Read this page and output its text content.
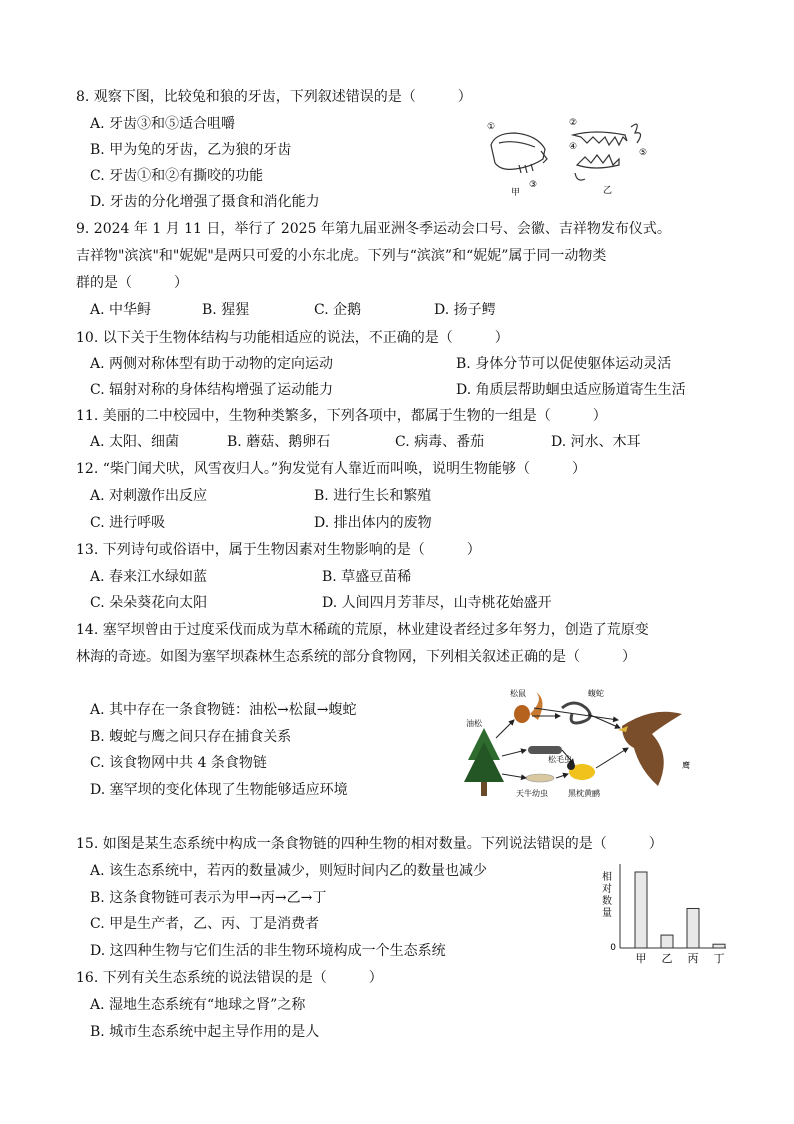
8. 观察下图，比较兔和狼的牙齿，下列叙述错误的是（　　　）
A. 牙齿③和⑤适合咀嚼
B. 甲为兔的牙齿，乙为狼的牙齿
C. 牙齿①和②有撕咬的功能
D. 牙齿的分化增强了摄食和消化能力
①	②
③
④
⑤
甲	乙
9. 2024 年 1 月 11 日，举行了 2025 年第九届亚洲冬季运动会口号、会徽、吉祥物发布仪式。
吉祥物"滨滨"和"妮妮"是两只可爱的小东北虎。下列与“滨滨”和“妮妮”属于同一动物类
群的是（　　　）
A. 中华鲟	B. 猩猩	C. 企鹅	D. 扬子鳄
10. 以下关于生物体结构与功能相适应的说法，不正确的是（　　　）
A. 两侧对称体型有助于动物的定向运动	B. 身体分节可以促使躯体运动灵活
C. 辐射对称的身体结构增强了运动能力	D. 角质层帮助蛔虫适应肠道寄生生活
11. 美丽的二中校园中，生物种类繁多，下列各项中，都属于生物的一组是（　　　）
A. 太阳、细菌	B. 蘑菇、鹅卵石	C. 病毒、番茄	D. 河水、木耳
12. “柴门闻犬吠，风雪夜归人。”狗发觉有人靠近而叫唤，说明生物能够（　　　）
A. 对刺激作出反应	B. 进行生长和繁殖
C. 进行呼吸	D. 排出体内的废物
13. 下列诗句或俗语中，属于生物因素对生物影响的是（　　　）
A. 春来江水绿如蓝	B. 草盛豆苗稀
C. 朵朵葵花向太阳	D. 人间四月芳菲尽，山寺桃花始盛开
14. 塞罕坝曾由于过度采伐而成为草木稀疏的荒原，林业建设者经过多年努力，创造了荒原变
林海的奇迹。如图为塞罕坝森林生态系统的部分食物网，下列相关叙述正确的是（　　　）
A. 其中存在一条食物链：油松→松鼠→蝮蛇
B. 蝮蛇与鹰之间只存在捕食关系
C. 该食物网中共 4 条食物链
D. 塞罕坝的变化体现了生物能够适应环境
松鼠	蝮蛇
油松
松毛虫
鹰
天牛幼虫	黑枕黄鹂
15. 如图是某生态系统中构成一条食物链的四种生物的相对数量。下列说法错误的是（　　　）
A. 该生态系统中，若丙的数量减少，则短时间内乙的数量也减少
B. 这条食物链可表示为甲→丙→乙→丁
C. 甲是生产者，乙、丙、丁是消费者
D. 这四种生物与它们生活的非生物环境构成一个生态系统
相
对
数
量
0
甲 乙 丙 丁
16. 下列有关生态系统的说法错误的是（　　　）
A. 湿地生态系统有“地球之肾”之称
B. 城市生态系统中起主导作用的是人
